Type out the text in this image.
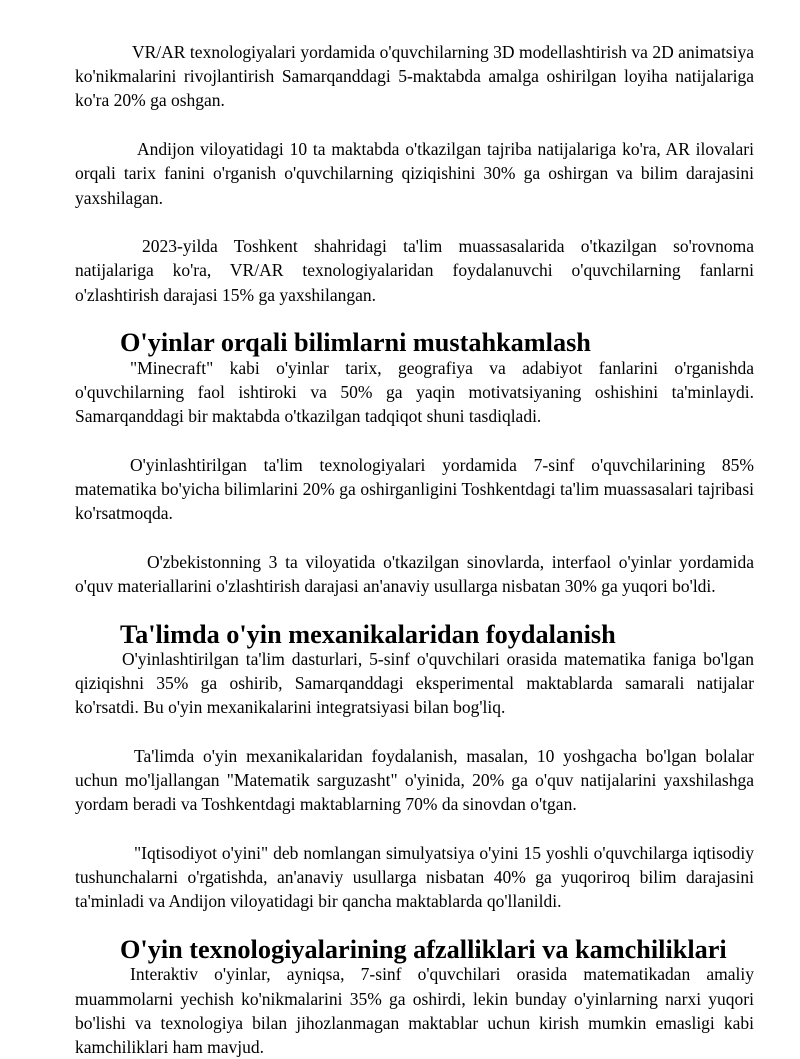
VR/AR texnologiyalari yordamida o'quvchilarning 3D modellashtirish va 2D animatsiya ko'nikmalarini rivojlantirish Samarqanddagi 5-maktabda amalga oshirilgan loyiha natijalariga ko'ra 20% ga oshgan.

Andijon viloyatidagi 10 ta maktabda o'tkazilgan tajriba natijalariga ko'ra, AR ilovalari orqali tarix fanini o'rganish o'quvchilarning qiziqishini 30% ga oshirgan va bilim darajasini yaxshilagan.

2023-yilda Toshkent shahridagi ta'lim muassasalarida o'tkazilgan so'rovnoma natijalariga ko'ra, VR/AR texnologiyalaridan foydalanuvchi o'quvchilarning fanlarni o'zlashtirish darajasi 15% ga yaxshilangan.

O'yinlar orqali bilimlarni mustahkamlash

"Minecraft" kabi o'yinlar tarix, geografiya va adabiyot fanlarini o'rganishda o'quvchilarning faol ishtiroki va 50% ga yaqin motivatsiyaning oshishini ta'minlaydi. Samarqanddagi bir maktabda o'tkazilgan tadqiqot shuni tasdiqladi.

O'yinlashtirilgan ta'lim texnologiyalari yordamida 7-sinf o'quvchilarining 85% matematika bo'yicha bilimlarini 20% ga oshirganligini Toshkentdagi ta'lim muassasalari tajribasi ko'rsatmoqda.

O'zbekistonning 3 ta viloyatida o'tkazilgan sinovlarda, interfaol o'yinlar yordamida o'quv materiallarini o'zlashtirish darajasi an'anaviy usullarga nisbatan 30% ga yuqori bo'ldi.

Ta'limda o'yin mexanikalaridan foydalanish

O'yinlashtirilgan ta'lim dasturlari, 5-sinf o'quvchilari orasida matematika faniga bo'lgan qiziqishni 35% ga oshirib, Samarqanddagi eksperimental maktablarda samarali natijalar ko'rsatdi. Bu o'yin mexanikalarini integratsiyasi bilan bog'liq.

Ta'limda o'yin mexanikalaridan foydalanish, masalan, 10 yoshgacha bo'lgan bolalar uchun mo'ljallangan "Matematik sarguzasht" o'yinida, 20% ga o'quv natijalarini yaxshilashga yordam beradi va Toshkentdagi maktablarning 70% da sinovdan o'tgan.

"Iqtisodiyot o'yini" deb nomlangan simulyatsiya o'yini 15 yoshli o'quvchilarga iqtisodiy tushunchalarni o'rgatishda, an'anaviy usullarga nisbatan 40% ga yuqoriroq bilim darajasini ta'minladi va Andijon viloyatidagi bir qancha maktablarda qo'llanildi.

O'yin texnologiyalarining afzalliklari va kamchiliklari

Interaktiv o'yinlar, ayniqsa, 7-sinf o'quvchilari orasida matematikadan amaliy muammolarni yechish ko'nikmalarini 35% ga oshirdi, lekin bunday o'yinlarning narxi yuqori bo'lishi va texnologiya bilan jihozlanmagan maktablar uchun kirish mumkin emasligi kabi kamchiliklari ham mavjud.
